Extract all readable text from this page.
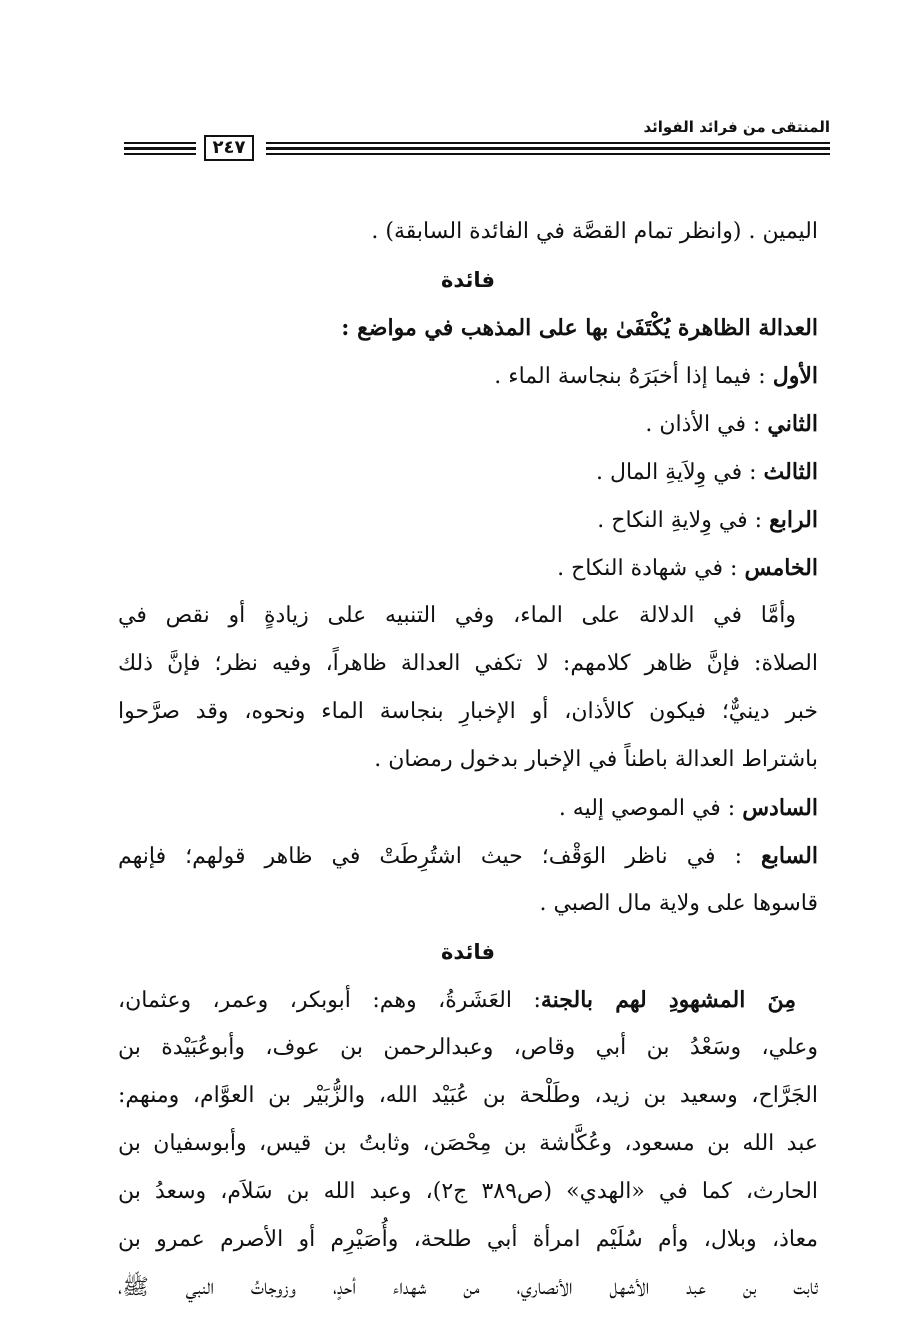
المنتقى من فرائد الفوائد
٢٤٧
اليمين . (وانظر تمام القصَّة في الفائدة السابقة) .
فائدة
العدالة الظاهرة يُكْتَفَىٰ بها على المذهب في مواضع :
الأول : فيما إذا أخبَرَهُ بنجاسة الماء .
الثاني : في الأذان .
الثالث : في وِلاَيةِ المال .
الرابع : في وِلايةِ النكاح .
الخامس : في شهادة النكاح .
وأمَّا في الدلالة على الماء، وفي التنبيه على زيادةٍ أو نقص في
الصلاة: فإنَّ ظاهر كلامهم: لا تكفي العدالة ظاهراً، وفيه نظر؛ فإنَّ ذلك
خبر دينيٌّ؛ فيكون كالأذان، أو الإخبارِ بنجاسة الماء ونحوه، وقد صرَّحوا
باشتراط العدالة باطناً في الإخبار بدخول رمضان .
السادس : في الموصي إليه .
السابع : في ناظر الوَقْف؛ حيث اشتُرِطَتْ في ظاهر قولهم؛ فإنهم
قاسوها على ولاية مال الصبي .
فائدة
مِنَ المشهودِ لهم بالجنة: العَشَرةُ، وهم: أبوبكر، وعمر، وعثمان،
وعلي، وسَعْدُ بن أبي وقاص، وعبدالرحمن بن عوف، وأبوعُبَيْدة بن
الجَرَّاح، وسعيد بن زيد، وطَلْحة بن عُبَيْد الله، والزُّبَيْر بن العوَّام، ومنهم:
عبد الله بن مسعود، وعُكَّاشة بن مِحْصَن، وثابتُ بن قيس، وأبوسفيان بن
الحارث، كما في «الهدي» (ص٣٨٩ ج٢)، وعبد الله بن سَلاَم، وسعدُ بن
معاذ، وبلال، وأم سُلَيْم امرأة أبي طلحة، وأُصَيْرِم أو الأصرم عمرو بن
ثابت بن عبد الأشهل الأنصاري، من شهداء أحدٍ، وزوجاتُ النبي ﷺ،
